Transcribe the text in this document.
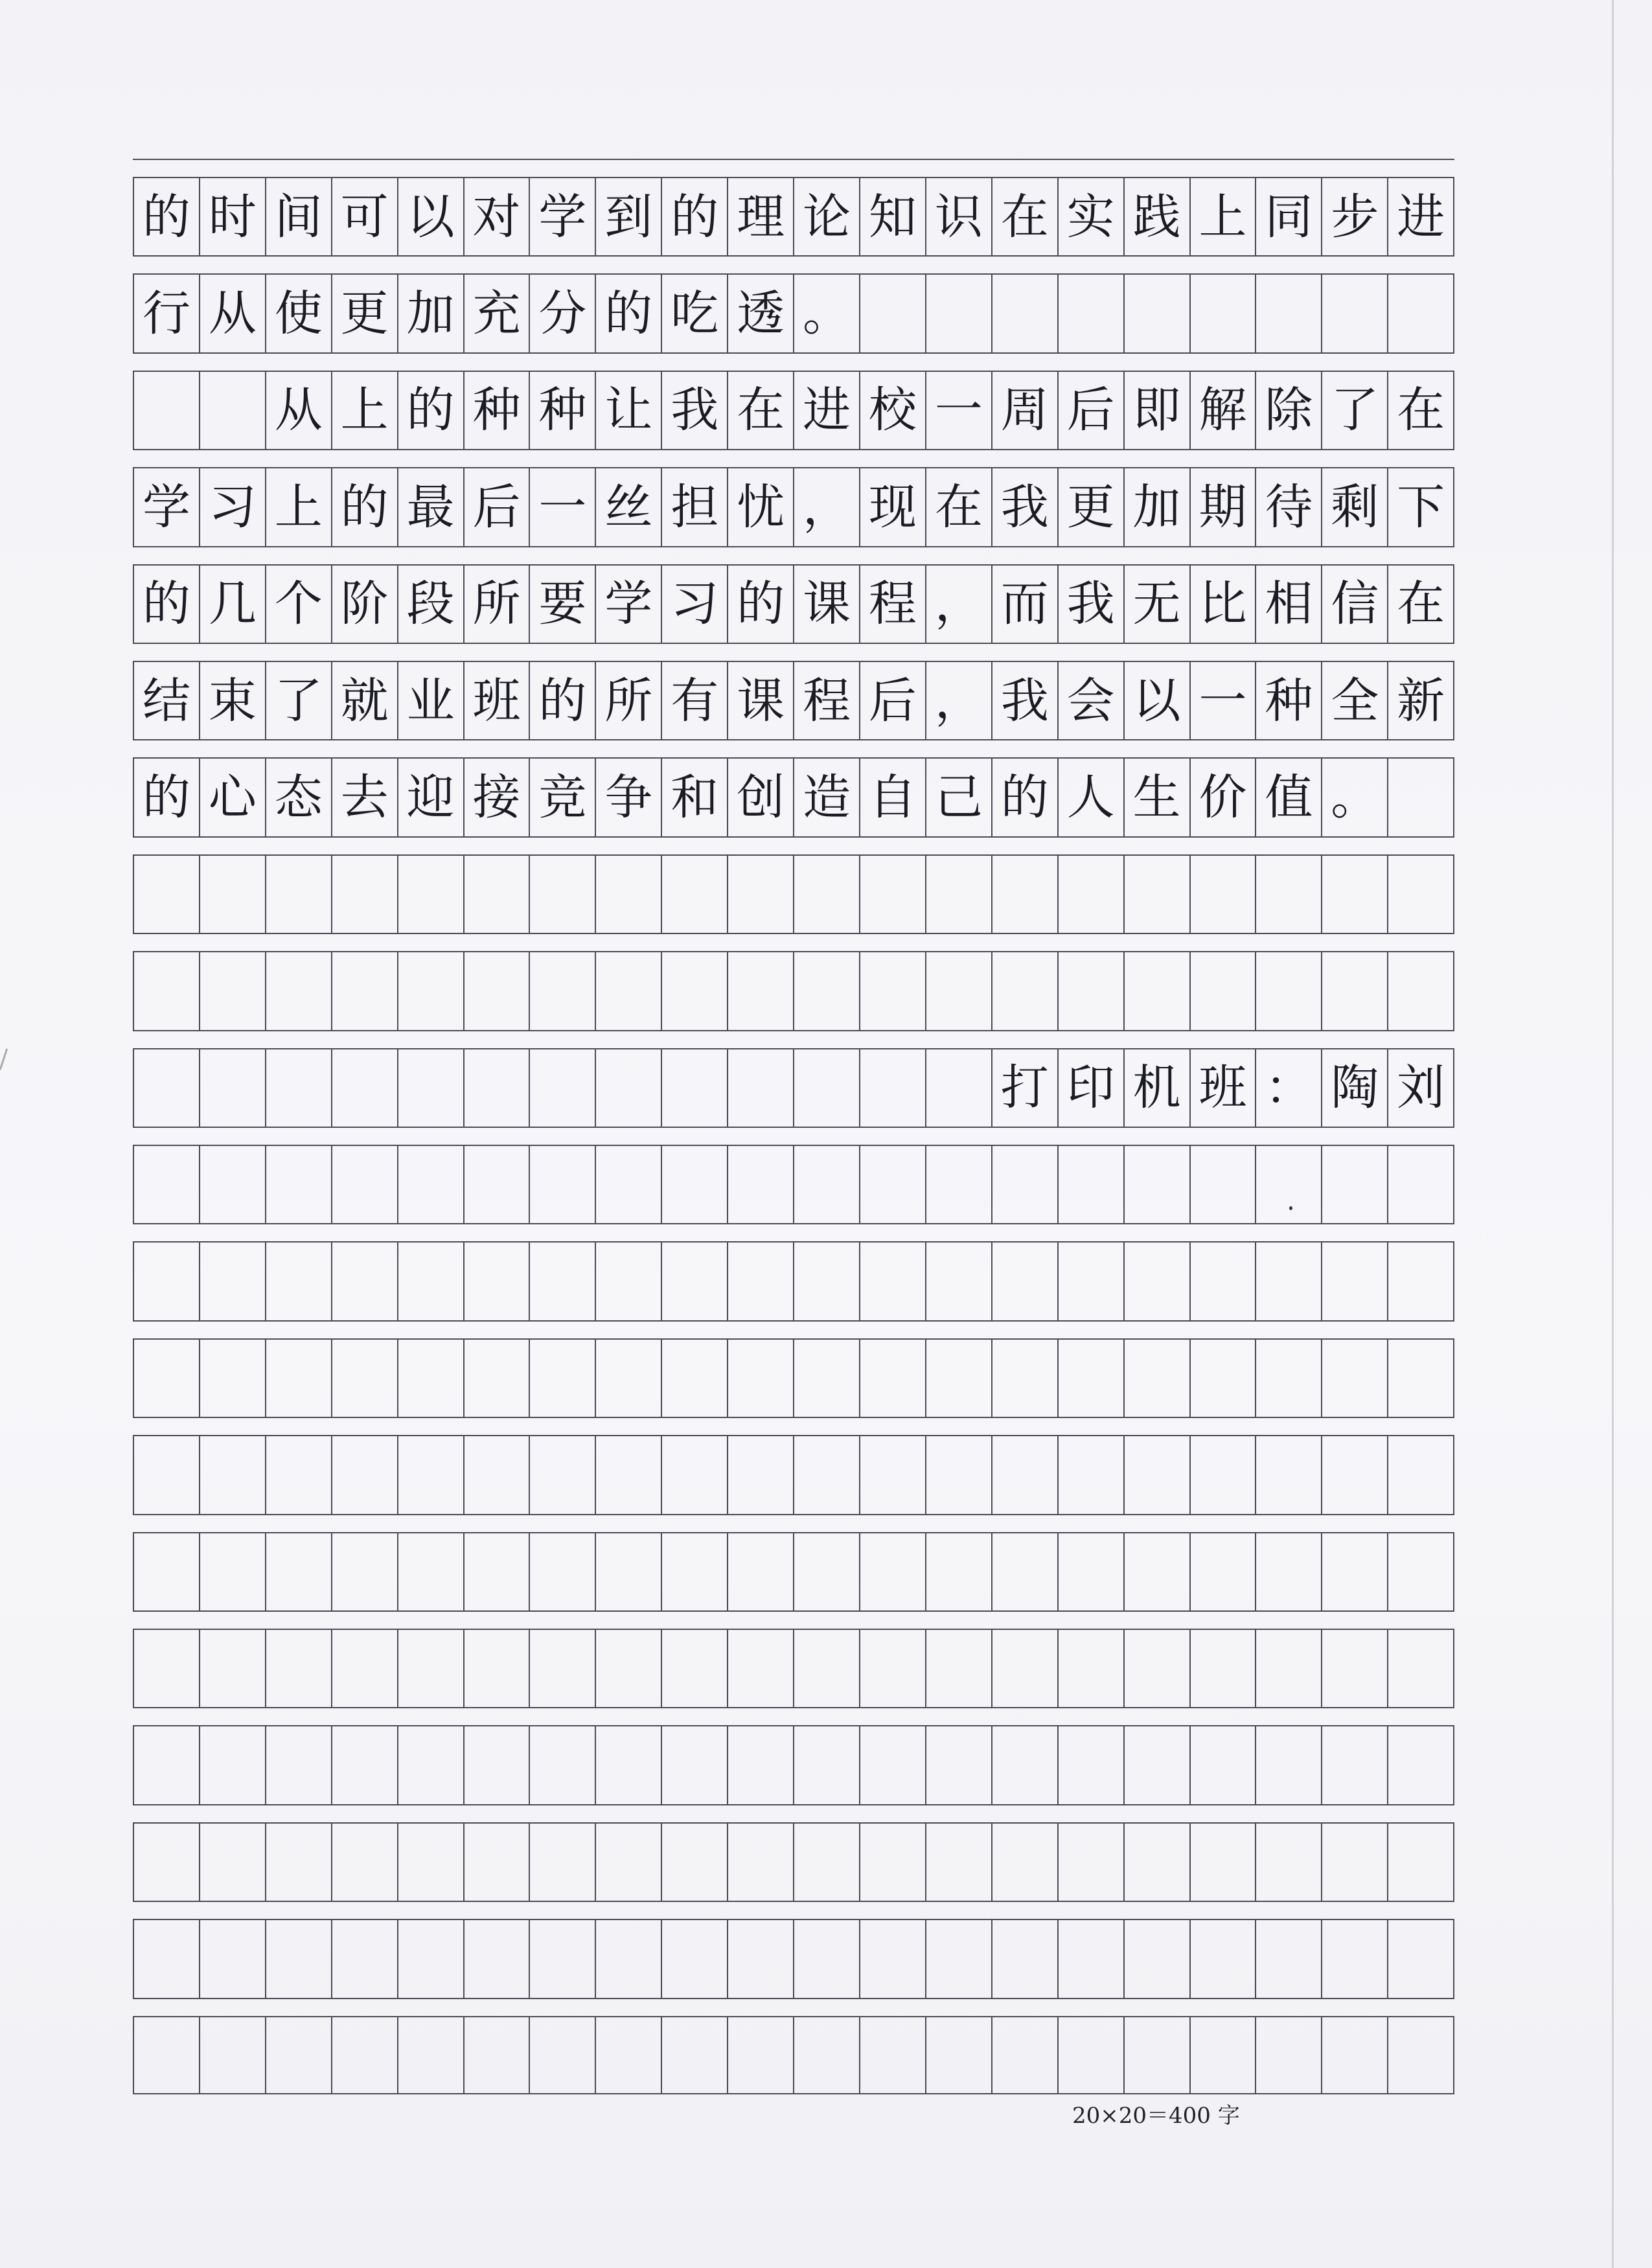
的 时 间 可 以 对 学 到 的 理 论 知 识 在 实 践 上 同 步 进
行 从 使 更 加 充 分 的 吃 透 。
从 上 的 种 种 让 我 在 进 校 一 周 后 即 解 除 了 在
学 习 上 的 最 后 一 丝 担 忧 ， 现 在 我 更 加 期 待 剩 下
的 几 个 阶 段 所 要 学 习 的 课 程 ， 而 我 无 比 相 信 在
结 束 了 就 业 班 的 所 有 课 程 后 ， 我 会 以 一 种 全 新
的 心 态 去 迎 接 竞 争 和 创 造 自 己 的 人 生 价 值 。
打 印 机 班 ： 陶 刘
20×20＝400 字
